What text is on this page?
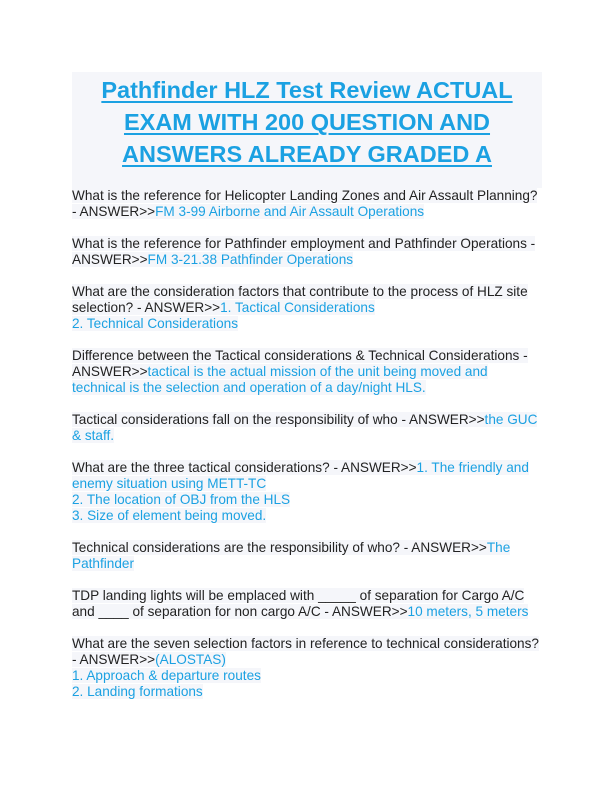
Pathfinder HLZ Test Review ACTUAL EXAM WITH 200 QUESTION AND ANSWERS ALREADY GRADED A

What is the reference for Helicopter Landing Zones and Air Assault Planning? - ANSWER>>FM 3-99 Airborne and Air Assault Operations

What is the reference for Pathfinder employment and Pathfinder Operations - ANSWER>>FM 3-21.38 Pathfinder Operations

What are the consideration factors that contribute to the process of HLZ site selection? - ANSWER>>1. Tactical Considerations
2. Technical Considerations

Difference between the Tactical considerations & Technical Considerations - ANSWER>>tactical is the actual mission of the unit being moved and technical is the selection and operation of a day/night HLS.

Tactical considerations fall on the responsibility of who - ANSWER>>the GUC & staff.

What are the three tactical considerations? - ANSWER>>1. The friendly and enemy situation using METT-TC
2. The location of OBJ from the HLS
3. Size of element being moved.

Technical considerations are the responsibility of who? - ANSWER>>The Pathfinder

TDP landing lights will be emplaced with _____ of separation for Cargo A/C and ____ of separation for non cargo A/C - ANSWER>>10 meters, 5 meters

What are the seven selection factors in reference to technical considerations? - ANSWER>>(ALOSTAS)
1. Approach & departure routes
2. Landing formations
